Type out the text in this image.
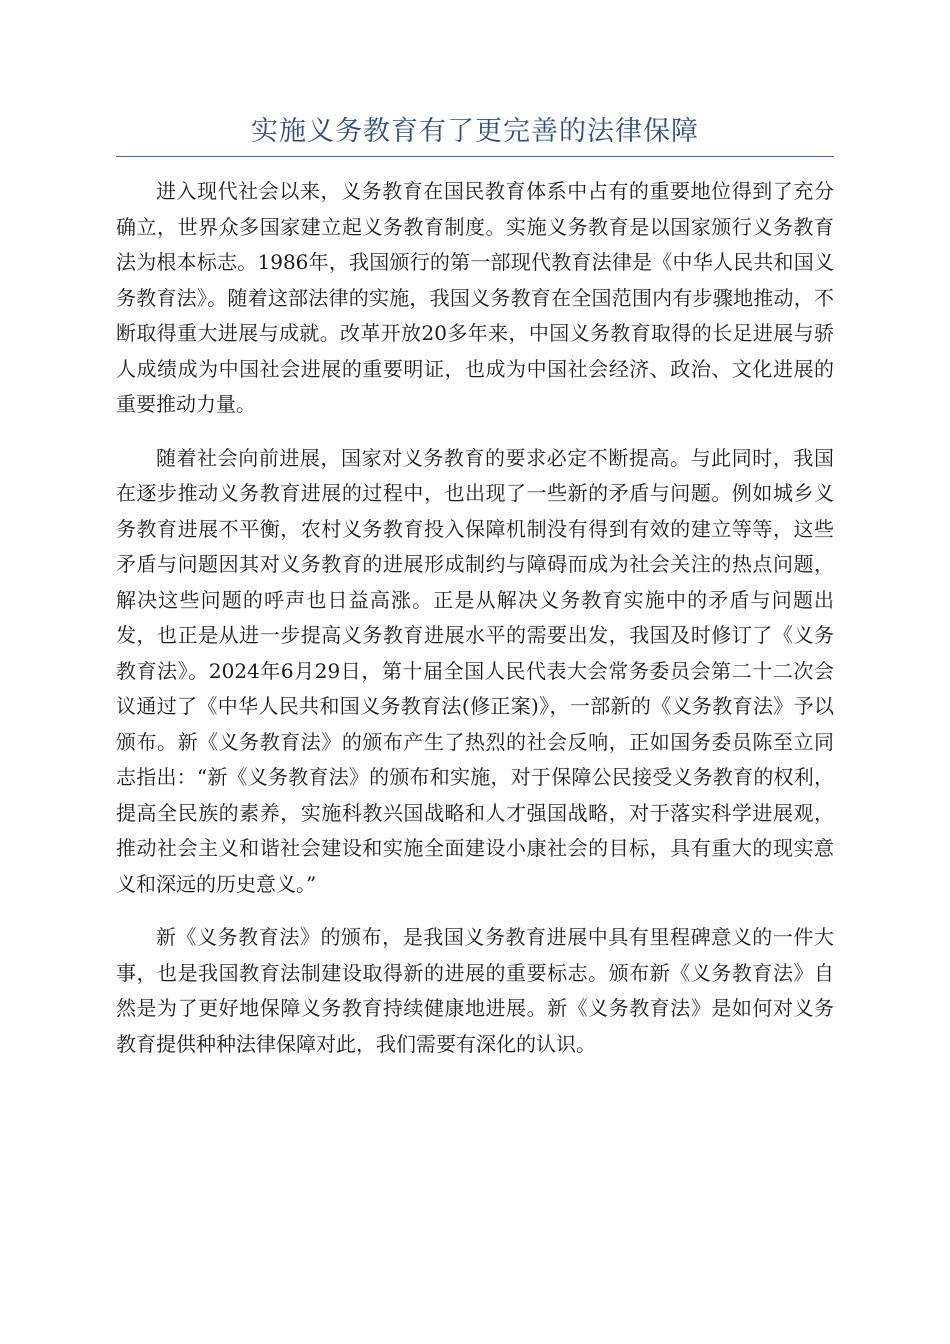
实施义务教育有了更完善的法律保障

进入现代社会以来，义务教育在国民教育体系中占有的重要地位得到了充分确立，世界众多国家建立起义务教育制度。实施义务教育是以国家颁行义务教育法为根本标志。1986年，我国颁行的第一部现代教育法律是《中华人民共和国义务教育法》。随着这部法律的实施，我国义务教育在全国范围内有步骤地推动，不断取得重大进展与成就。改革开放20多年来，中国义务教育取得的长足进展与骄人成绩成为中国社会进展的重要明证，也成为中国社会经济、政治、文化进展的重要推动力量。

随着社会向前进展，国家对义务教育的要求必定不断提高。与此同时，我国在逐步推动义务教育进展的过程中，也出现了一些新的矛盾与问题。例如城乡义务教育进展不平衡，农村义务教育投入保障机制没有得到有效的建立等等，这些矛盾与问题因其对义务教育的进展形成制约与障碍而成为社会关注的热点问题，解决这些问题的呼声也日益高涨。正是从解决义务教育实施中的矛盾与问题出发，也正是从进一步提高义务教育进展水平的需要出发，我国及时修订了《义务教育法》。2024年6月29日，第十届全国人民代表大会常务委员会第二十二次会议通过了《中华人民共和国义务教育法(修正案)》，一部新的《义务教育法》予以颁布。新《义务教育法》的颁布产生了热烈的社会反响，正如国务委员陈至立同志指出：“新《义务教育法》的颁布和实施，对于保障公民接受义务教育的权利，提高全民族的素养，实施科教兴国战略和人才强国战略，对于落实科学进展观，推动社会主义和谐社会建设和实施全面建设小康社会的目标，具有重大的现实意义和深远的历史意义。”

新《义务教育法》的颁布，是我国义务教育进展中具有里程碑意义的一件大事，也是我国教育法制建设取得新的进展的重要标志。颁布新《义务教育法》自然是为了更好地保障义务教育持续健康地进展。新《义务教育法》是如何对义务教育提供种种法律保障对此，我们需要有深化的认识。
